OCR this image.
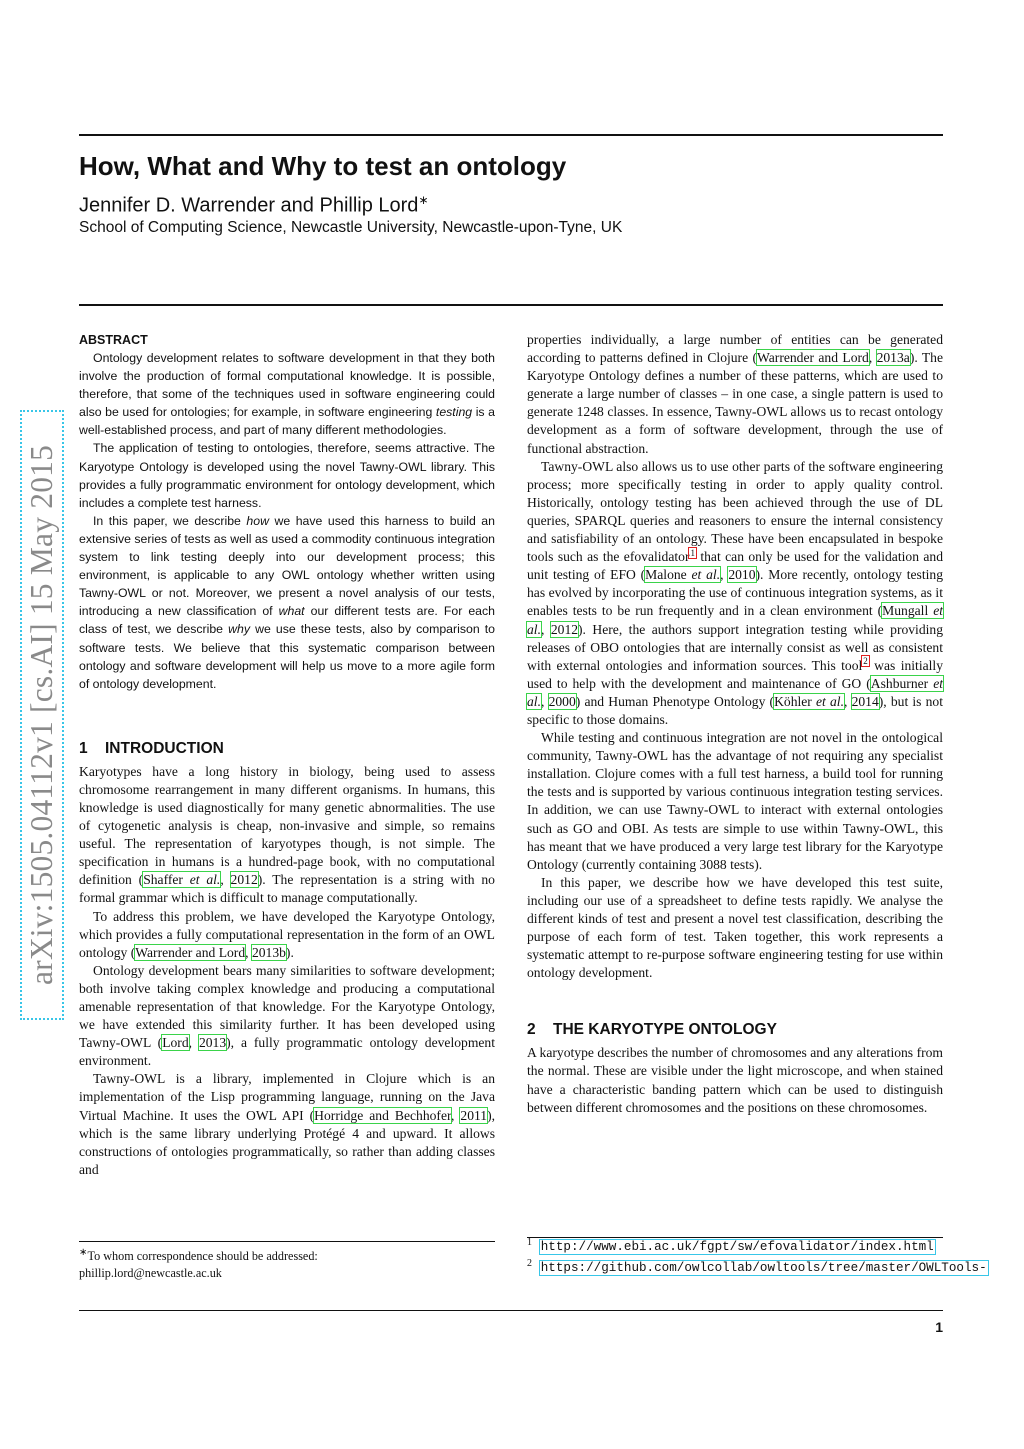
How, What and Why to test an ontology
Jennifer D. Warrender and Phillip Lord∗
School of Computing Science, Newcastle University, Newcastle-upon-Tyne, UK
arXiv:1505.04112v1 [cs.AI] 15 May 2015

ABSTRACT

Ontology development relates to software development in that they both involve the production of formal computational knowledge. It is possible, therefore, that some of the techniques used in software engineering could also be used for ontologies; for example, in software engineering testing is a well-established process, and part of many different methodologies.

The application of testing to ontologies, therefore, seems attractive. The Karyotype Ontology is developed using the novel Tawny-OWL library. This provides a fully programmatic environment for ontology development, which includes a complete test harness.

In this paper, we describe how we have used this harness to build an extensive series of tests as well as used a commodity continuous integration system to link testing deeply into our development process; this environment, is applicable to any OWL ontology whether written using Tawny-OWL or not. Moreover, we present a novel analysis of our tests, introducing a new classification of what our different tests are. For each class of test, we describe why we use these tests, also by comparison to software tests. We believe that this systematic comparison between ontology and software development will help us move to a more agile form of ontology development.

1 INTRODUCTION

Karyotypes have a long history in biology, being used to assess chromosome rearrangement in many different organisms. In humans, this knowledge is used diagnostically for many genetic abnormalities. The use of cytogenetic analysis is cheap, non-invasive and simple, so remains useful. The representation of karyotypes though, is not simple. The specification in humans is a hundred-page book, with no computational definition (Shaffer et al., 2012). The representation is a string with no formal grammar which is difficult to manage computationally.

To address this problem, we have developed the Karyotype Ontology, which provides a fully computational representation in the form of an OWL ontology (Warrender and Lord, 2013b).

Ontology development bears many similarities to software development; both involve taking complex knowledge and producing a computational amenable representation of that knowledge. For the Karyotype Ontology, we have extended this similarity further. It has been developed using Tawny-OWL (Lord, 2013), a fully programmatic ontology development environment.

Tawny-OWL is a library, implemented in Clojure which is an implementation of the Lisp programming language, running on the Java Virtual Machine. It uses the OWL API (Horridge and Bechhofer, 2011), which is the same library underlying Protégé 4 and upward. It allows constructions of ontologies programmatically, so rather than adding classes and

properties individually, a large number of entities can be generated according to patterns defined in Clojure (Warrender and Lord, 2013a). The Karyotype Ontology defines a number of these patterns, which are used to generate a large number of classes – in one case, a single pattern is used to generate 1248 classes. In essence, Tawny-OWL allows us to recast ontology development as a form of software development, through the use of functional abstraction.

Tawny-OWL also allows us to use other parts of the software engineering process; more specifically testing in order to apply quality control. Historically, ontology testing has been achieved through the use of DL queries, SPARQL queries and reasoners to ensure the internal consistency and satisfiability of an ontology. These have been encapsulated in bespoke tools such as the efovalidator$^1$ that can only be used for the validation and unit testing of EFO (Malone et al., 2010). More recently, ontology testing has evolved by incorporating the use of continuous integration systems, as it enables tests to be run frequently and in a clean environment (Mungall et al., 2012). Here, the authors support integration testing while providing releases of OBO ontologies that are internally consist as well as consistent with external ontologies and information sources. This tool$^2$ was initially used to help with the development and maintenance of GO (Ashburner et al., 2000) and Human Phenotype Ontology (Köhler et al., 2014), but is not specific to those domains.

While testing and continuous integration are not novel in the ontological community, Tawny-OWL has the advantage of not requiring any specialist installation. Clojure comes with a full test harness, a build tool for running the tests and is supported by various continuous integration testing services. In addition, we can use Tawny-OWL to interact with external ontologies such as GO and OBI. As tests are simple to use within Tawny-OWL, this has meant that we have produced a very large test library for the Karyotype Ontology (currently containing 3088 tests).

In this paper, we describe how we have developed this test suite, including our use of a spreadsheet to define tests rapidly. We analyse the different kinds of test and present a novel test classification, describing the purpose of each form of test. Taken together, this work represents a systematic attempt to re-purpose software engineering testing for use within ontology development.

2 THE KARYOTYPE ONTOLOGY

A karyotype describes the number of chromosomes and any alterations from the normal. These are visible under the light microscope, and when stained have a characteristic banding pattern which can be used to distinguish between different chromosomes and the positions on these chromosomes.

∗To whom correspondence should be addressed:
phillip.lord@newcastle.ac.uk
1 http://www.ebi.ac.uk/fgpt/sw/efovalidator/index.html
2 https://github.com/owlcollab/owltools/tree/master/OWLTools-
1
